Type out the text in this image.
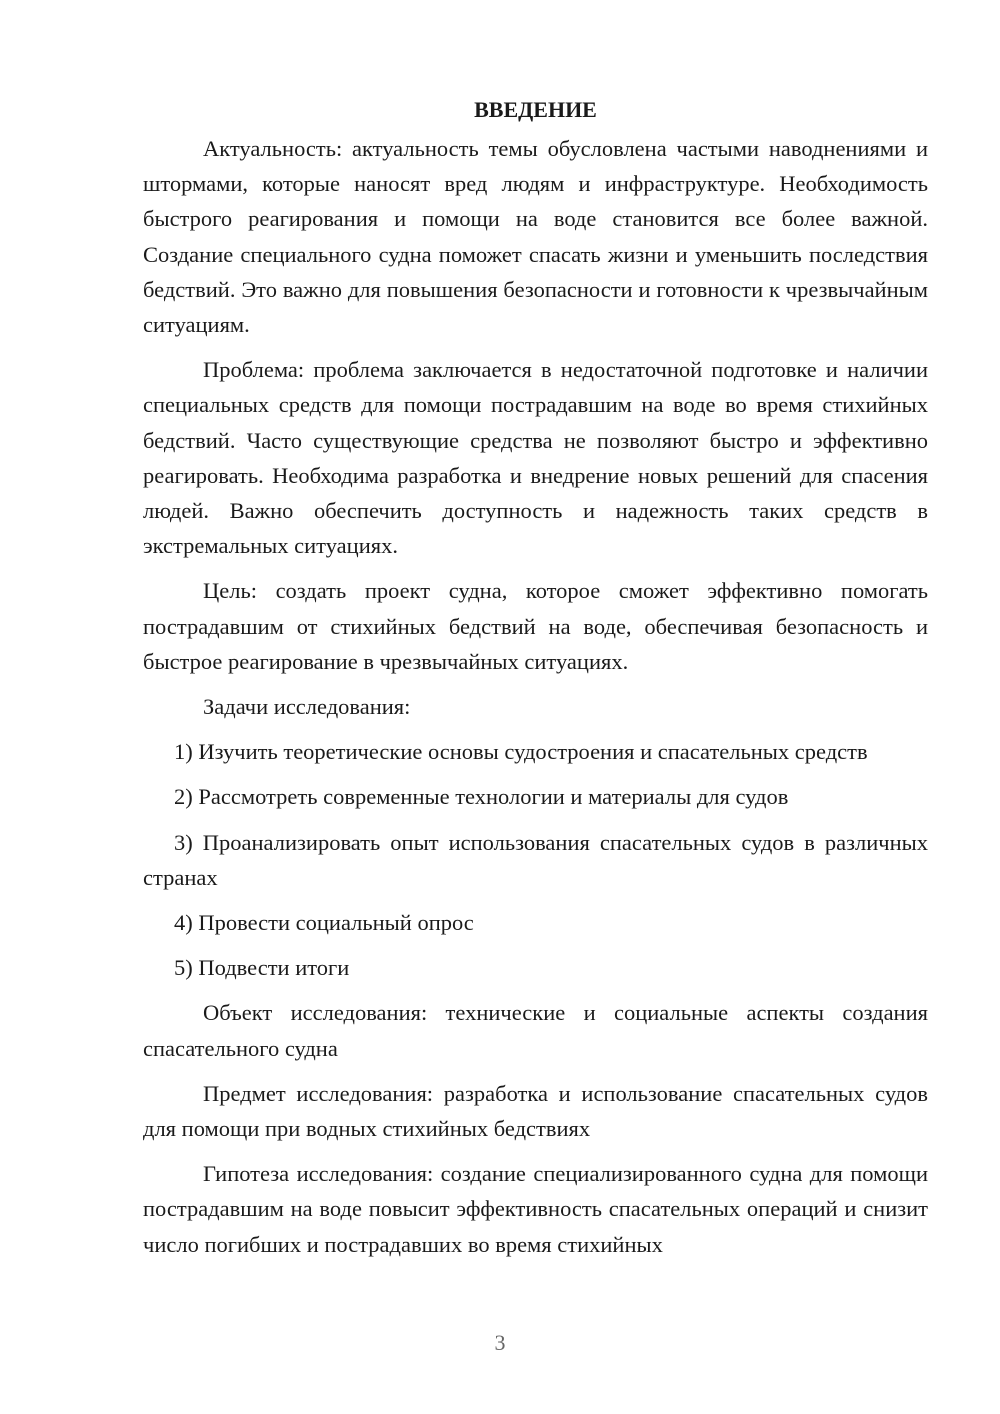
ВВЕДЕНИЕ

Актуальность: актуальность темы обусловлена частыми наводнениями и штормами, которые наносят вред людям и инфраструктуре. Необходимость быстрого реагирования и помощи на воде становится все более важной. Создание специального судна поможет спасать жизни и уменьшить последствия бедствий. Это важно для повышения безопасности и готовности к чрезвычайным ситуациям.

Проблема: проблема заключается в недостаточной подготовке и наличии специальных средств для помощи пострадавшим на воде во время стихийных бедствий. Часто существующие средства не позволяют быстро и эффективно реагировать. Необходима разработка и внедрение новых решений для спасения людей. Важно обеспечить доступность и надежность таких средств в экстремальных ситуациях.

Цель: создать проект судна, которое сможет эффективно помогать пострадавшим от стихийных бедствий на воде, обеспечивая безопасность и быстрое реагирование в чрезвычайных ситуациях.

Задачи исследования:

1) Изучить теоретические основы судостроения и спасательных средств

2) Рассмотреть современные технологии и материалы для судов

3) Проанализировать опыт использования спасательных судов в различных странах

4) Провести социальный опрос

5) Подвести итоги

Объект исследования: технические и социальные аспекты создания спасательного судна

Предмет исследования: разработка и использование спасательных судов для помощи при водных стихийных бедствиях

Гипотеза исследования: создание специализированного судна для помощи пострадавшим на воде повысит эффективность спасательных операций и снизит число погибших и пострадавших во время стихийных

3
